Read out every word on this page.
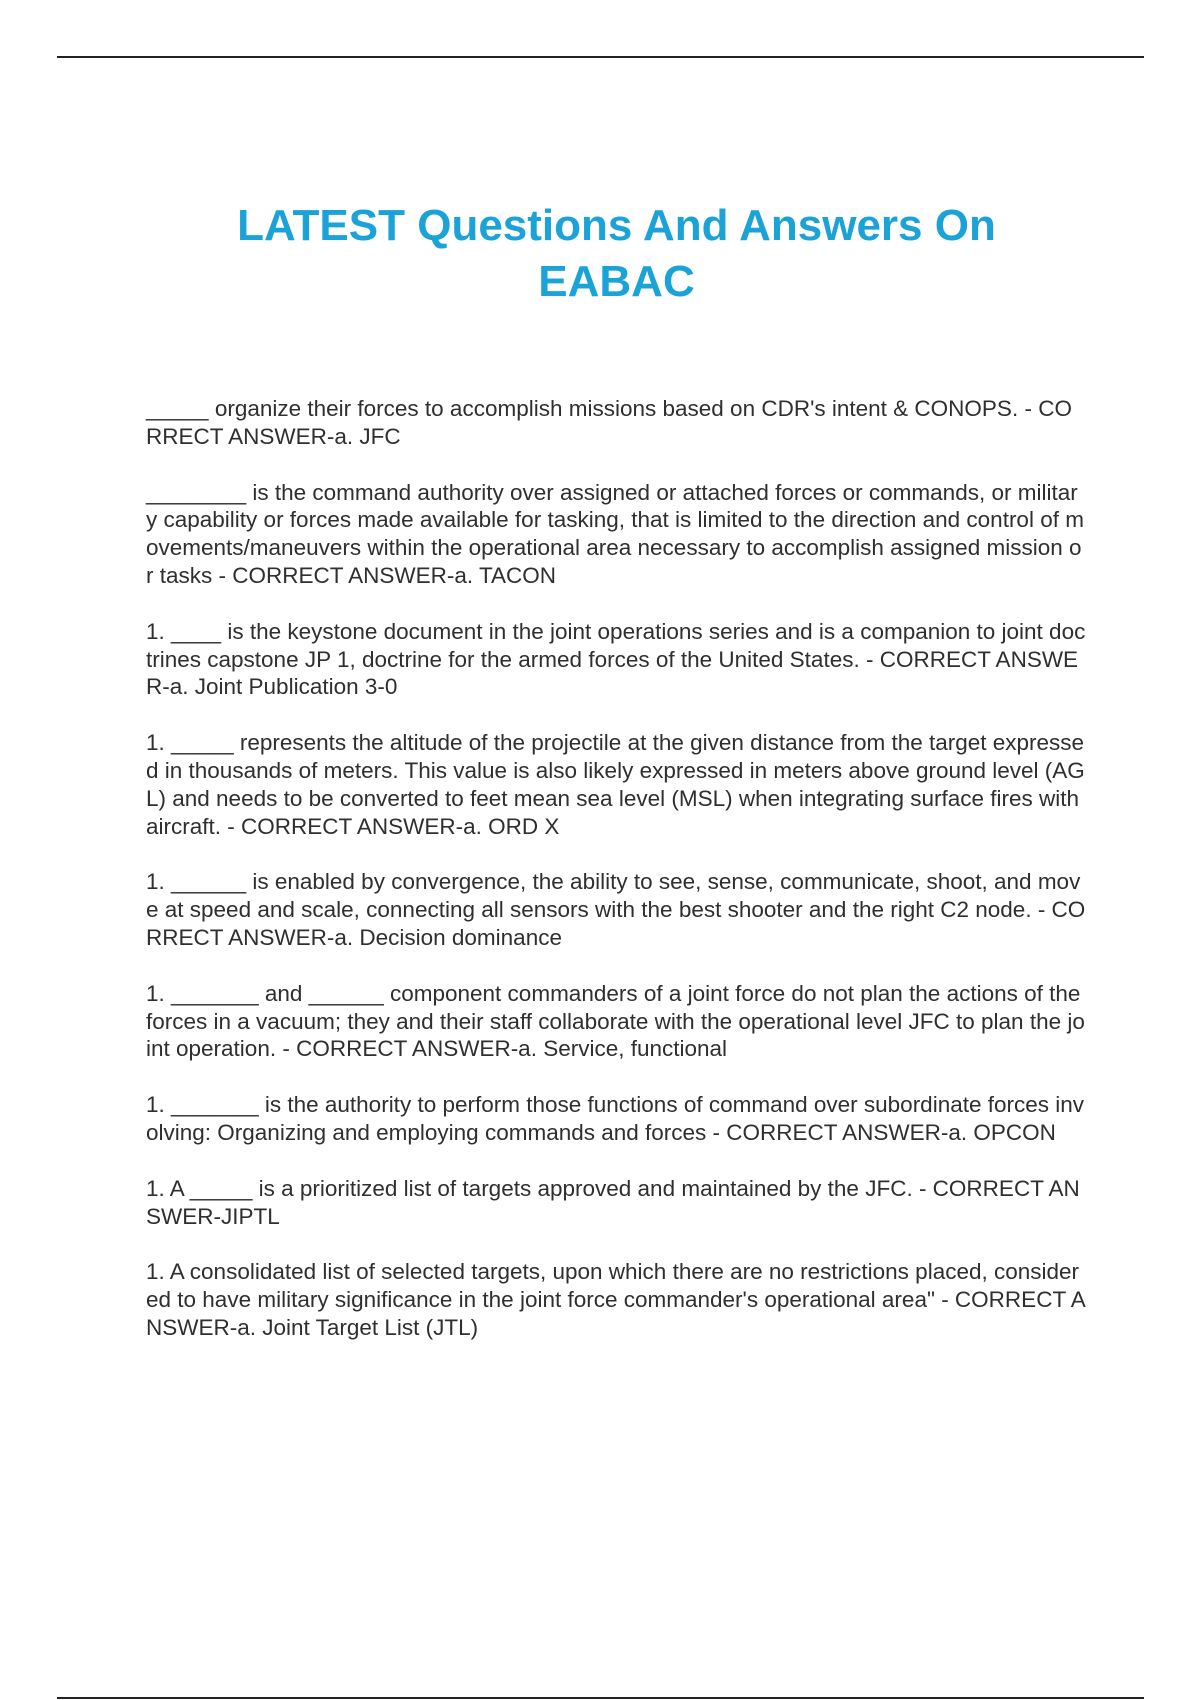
LATEST Questions And Answers On
EABAC
_____ organize their forces to accomplish missions based on CDR's intent & CONOPS. - CORRECT ANSWER-a. JFC
________ is the command authority over assigned or attached forces or commands, or military capability or forces made available for tasking, that is limited to the direction and control of movements/maneuvers within the operational area necessary to accomplish assigned mission or tasks - CORRECT ANSWER-a. TACON
1. ____ is the keystone document in the joint operations series and is a companion to joint doctrines capstone JP 1, doctrine for the armed forces of the United States. - CORRECT ANSWER-a. Joint Publication 3-0
1. _____ represents the altitude of the projectile at the given distance from the target expressed in thousands of meters. This value is also likely expressed in meters above ground level (AGL) and needs to be converted to feet mean sea level (MSL) when integrating surface fires with aircraft. - CORRECT ANSWER-a. ORD X
1. ______ is enabled by convergence, the ability to see, sense, communicate, shoot, and move at speed and scale, connecting all sensors with the best shooter and the right C2 node. - CORRECT ANSWER-a. Decision dominance
1. _______ and ______ component commanders of a joint force do not plan the actions of the forces in a vacuum; they and their staff collaborate with the operational level JFC to plan the joint operation. - CORRECT ANSWER-a. Service, functional
1. _______ is the authority to perform those functions of command over subordinate forces involving: Organizing and employing commands and forces - CORRECT ANSWER-a. OPCON
1. A _____ is a prioritized list of targets approved and maintained by the JFC. - CORRECT ANSWER-JIPTL
1. A consolidated list of selected targets, upon which there are no restrictions placed, considered to have military significance in the joint force commander's operational area" - CORRECT ANSWER-a. Joint Target List (JTL)
